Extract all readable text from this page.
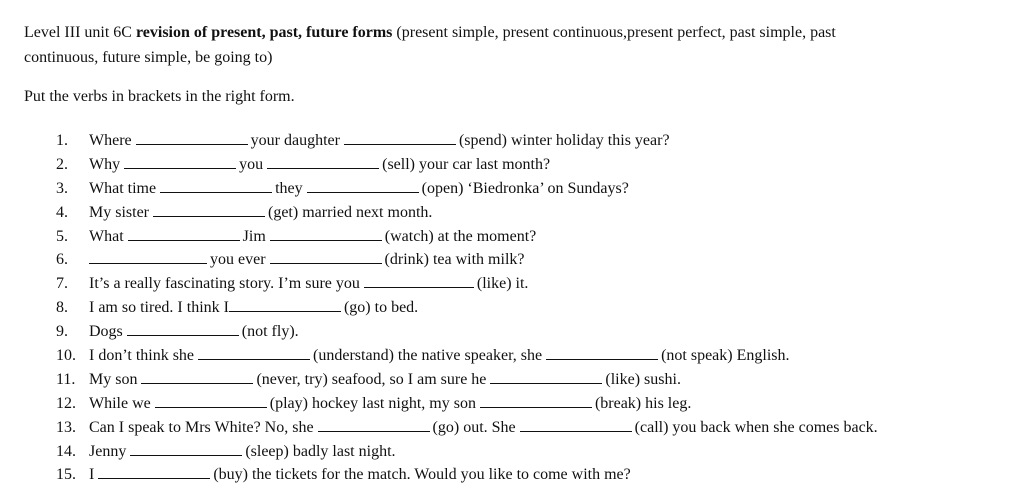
Level III unit 6C revision of present, past, future forms (present simple, present continuous,present perfect, past simple, past
continuous, future simple, be going to)
Put the verbs in brackets in the right form.
1. Where	your daughter	(spend) winter holiday this year?
2. Why	you	(sell) your car last month?
3. What time	they	(open) ‘Biedronka’ on Sundays?
4. My sister	(get) married next month.
5. What	Jim	(watch) at the moment?
6.	you ever	(drink) tea with milk?
7. It’s a really fascinating story. I’m sure you	(like) it.
8. I am so tired. I think I	(go) to bed.
9. Dogs	(not fly).
10. I don’t think she	(understand) the native speaker, she	(not speak) English.
11. My son	(never, try) seafood, so I am sure he	(like) sushi.
12. While we	(play) hockey last night, my son	(break) his leg.
13. Can I speak to Mrs White? No, she	(go) out. She	(call) you back when she comes back.
14. Jenny	(sleep) badly last night.
15. I	(buy) the tickets for the match. Would you like to come with me?
